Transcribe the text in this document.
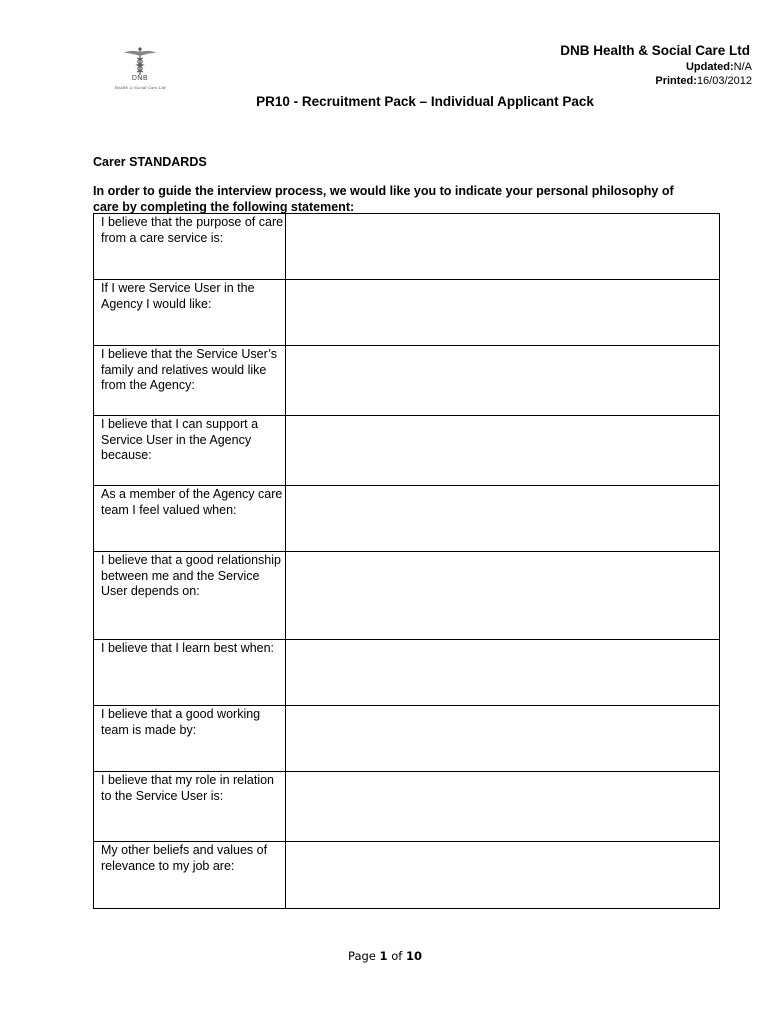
DNB
Health & Social Care Ltd
DNB Health & Social Care Ltd
Updated:N/A
Printed:16/03/2012
PR10 - Recruitment Pack – Individual Applicant Pack
Carer STANDARDS
In order to guide the interview process, we would like you to indicate your personal philosophy of care by completing the following statement:
I believe that the purpose of care from a care service is:	
If I were Service User in the Agency I would like:	
I believe that the Service User’s family and relatives would like from the Agency:	
I believe that I can support a Service User in the Agency because:	
As a member of the Agency care team I feel valued when:	
I believe that a good relationship between me and the Service User depends on:	
I believe that I learn best when:	
I believe that a good working team is made by:	
I believe that my role in relation to the Service User is:	
My other beliefs and values of relevance to my job are:	
Page 1 of 10
